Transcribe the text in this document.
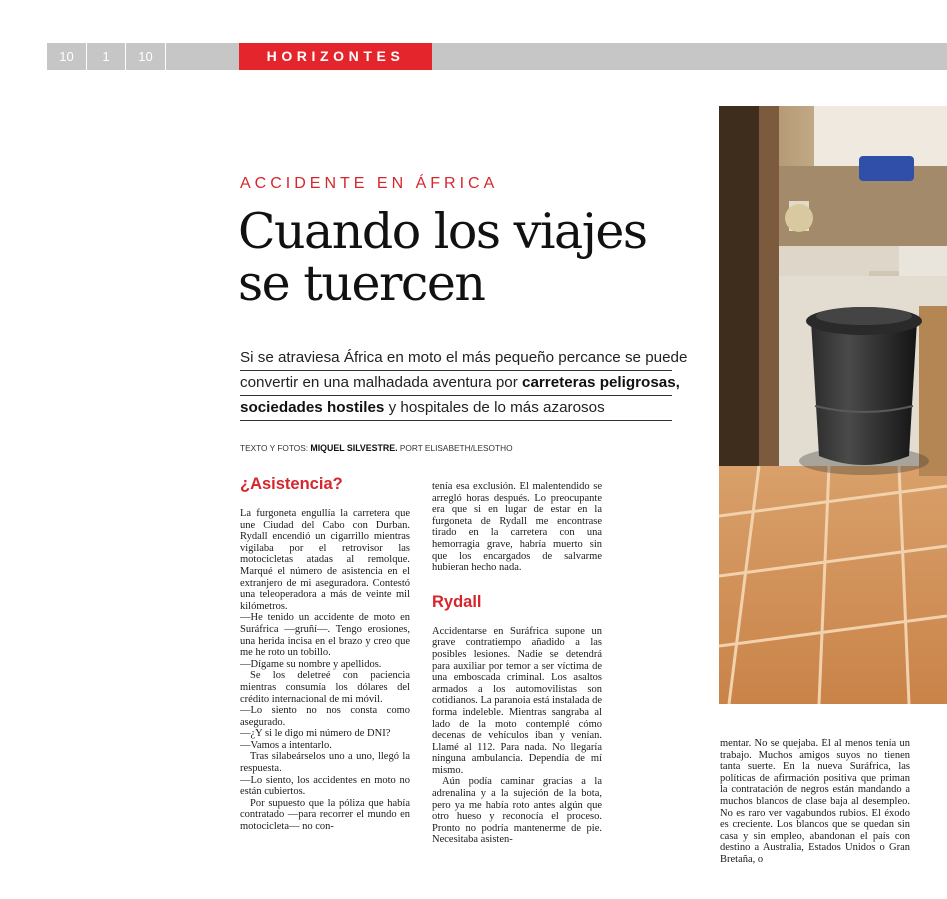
10	1	10	HORIZONTES
ACCIDENTE EN ÁFRICA
Cuando los viajes
se tuercen
Si se atraviesa África en moto el más pequeño percance se puede
convertir en una malhadada aventura por carreteras peligrosas,
sociedades hostiles y hospitales de lo más azarosos
TEXTO Y FOTOS: MIQUEL SILVESTRE. PORT ELISABETH/LESOTHO
¿Asistencia?

La furgoneta engullía la carretera que une Ciudad del Cabo con Durban. Rydall encendió un cigarrillo mientras vigilaba por el retrovisor las motocicletas atadas al remolque. Marqué el número de asistencia en el extranjero de mi aseguradora. Contestó una teleoperadora a más de veinte mil kilómetros.

—He tenido un accidente de moto en Suráfrica —gruñí—. Tengo erosiones, una herida incisa en el brazo y creo que me he roto un tobillo.

—Dígame su nombre y apellidos.

Se los deletreé con paciencia mientras consumía los dólares del crédito internacional de mi móvil.

—Lo siento no nos consta como asegurado.

—¿Y si le digo mi número de DNI?

—Vamos a intentarlo.

Tras silabeárselos uno a uno, llegó la respuesta.

—Lo siento, los accidentes en moto no están cubiertos.

Por supuesto que la póliza que había contratado —para recorrer el mundo en motocicleta— no con-

tenía esa exclusión. El malentendido se arregló horas después. Lo preocupante era que si en lugar de estar en la furgoneta de Rydall me encontrase tirado en la carretera con una hemorragia grave, habría muerto sin que los encargados de salvarme hubieran hecho nada.

Rydall

Accidentarse en Suráfrica supone un grave contratiempo añadido a las posibles lesiones. Nadie se detendrá para auxiliar por temor a ser víctima de una emboscada criminal. Los asaltos armados a los automovilistas son cotidianos. La paranoia está instalada de forma indeleble. Mientras sangraba al lado de la moto contemplé cómo decenas de vehículos iban y venían. Llamé al 112. Para nada. No llegaría ninguna ambulancia. Dependía de mí mismo.

Aún podía caminar gracias a la adrenalina y a la sujeción de la bota, pero ya me había roto antes algún que otro hueso y reconocía el proceso. Pronto no podría mantenerme de pie. Necesitaba asisten-

mentar. No se quejaba. Él al menos tenía un trabajo. Muchos amigos suyos no tienen tanta suerte. En la nueva Suráfrica, las políticas de afirmación positiva que priman la contratación de negros están mandando a muchos blancos de clase baja al desempleo. No es raro ver vagabundos rubios. El éxodo es creciente. Los blancos que se quedan sin casa y sin empleo, abandonan el país con destino a Australia, Estados Unidos o Gran Bretaña, o
